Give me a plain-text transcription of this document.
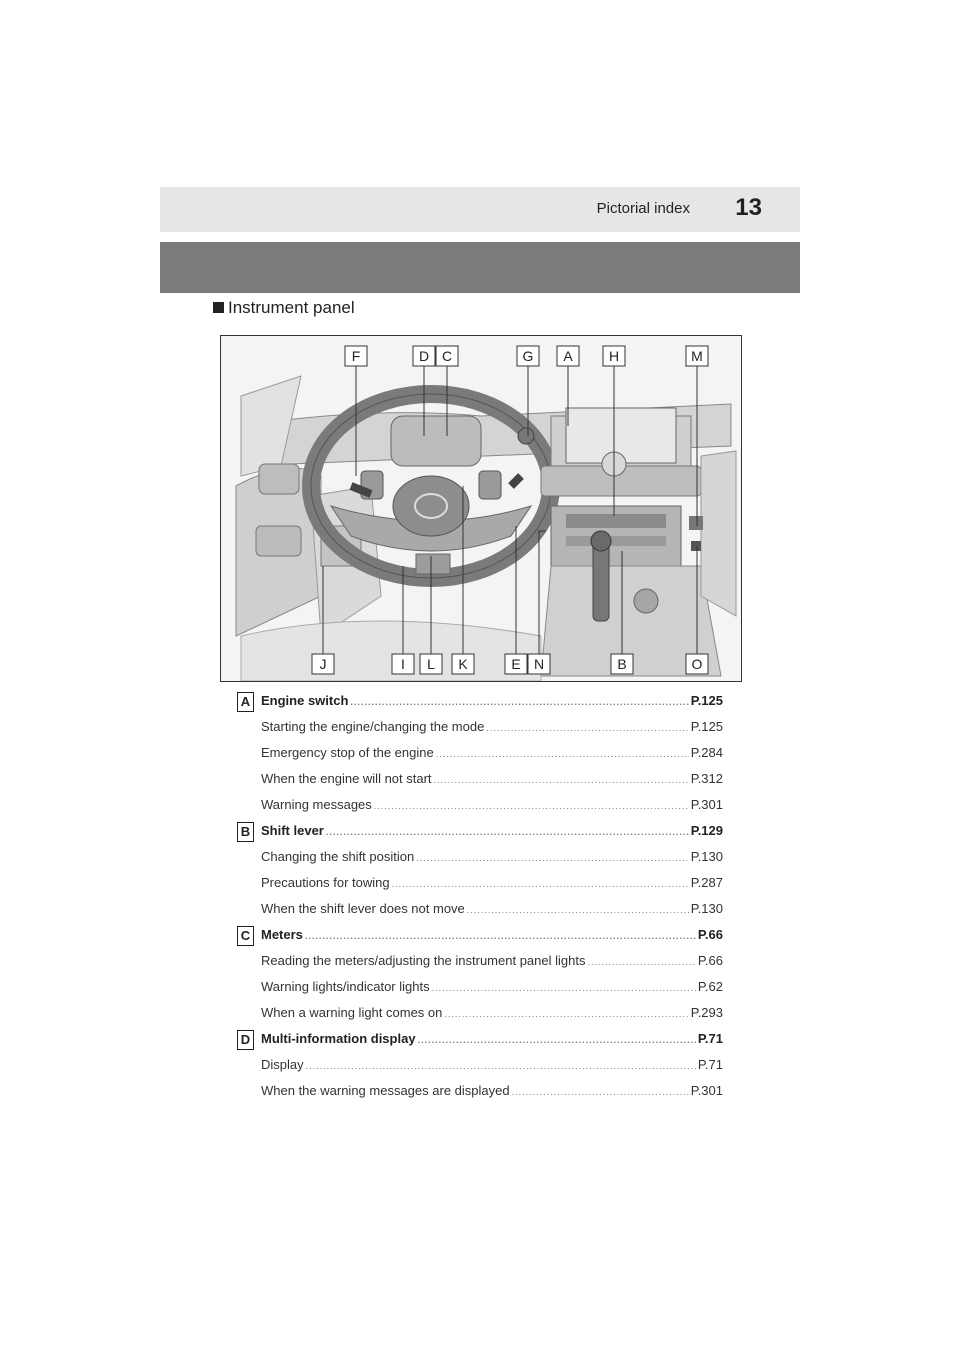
Pictorial index 13
Instrument panel
F	D C	G A	H	M
J	I L K	E N	B	O
A Engine switch .....	P.125
Starting the engine/changing the mode .....	P.125
Emergency stop of the engine .....	P.284
When the engine will not start .....	P.312
Warning messages .....	P.301
B Shift lever .....	P.129
Changing the shift position .....	P.130
Precautions for towing .....	P.287
When the shift lever does not move .....	P.130
C Meters .....	P.66
Reading the meters/adjusting the instrument panel lights .....	P.66
Warning lights/indicator lights .....	P.62
When a warning light comes on .....	P.293
D Multi-information display .....	P.71
Display .....	P.71
When the warning messages are displayed .....	P.301
